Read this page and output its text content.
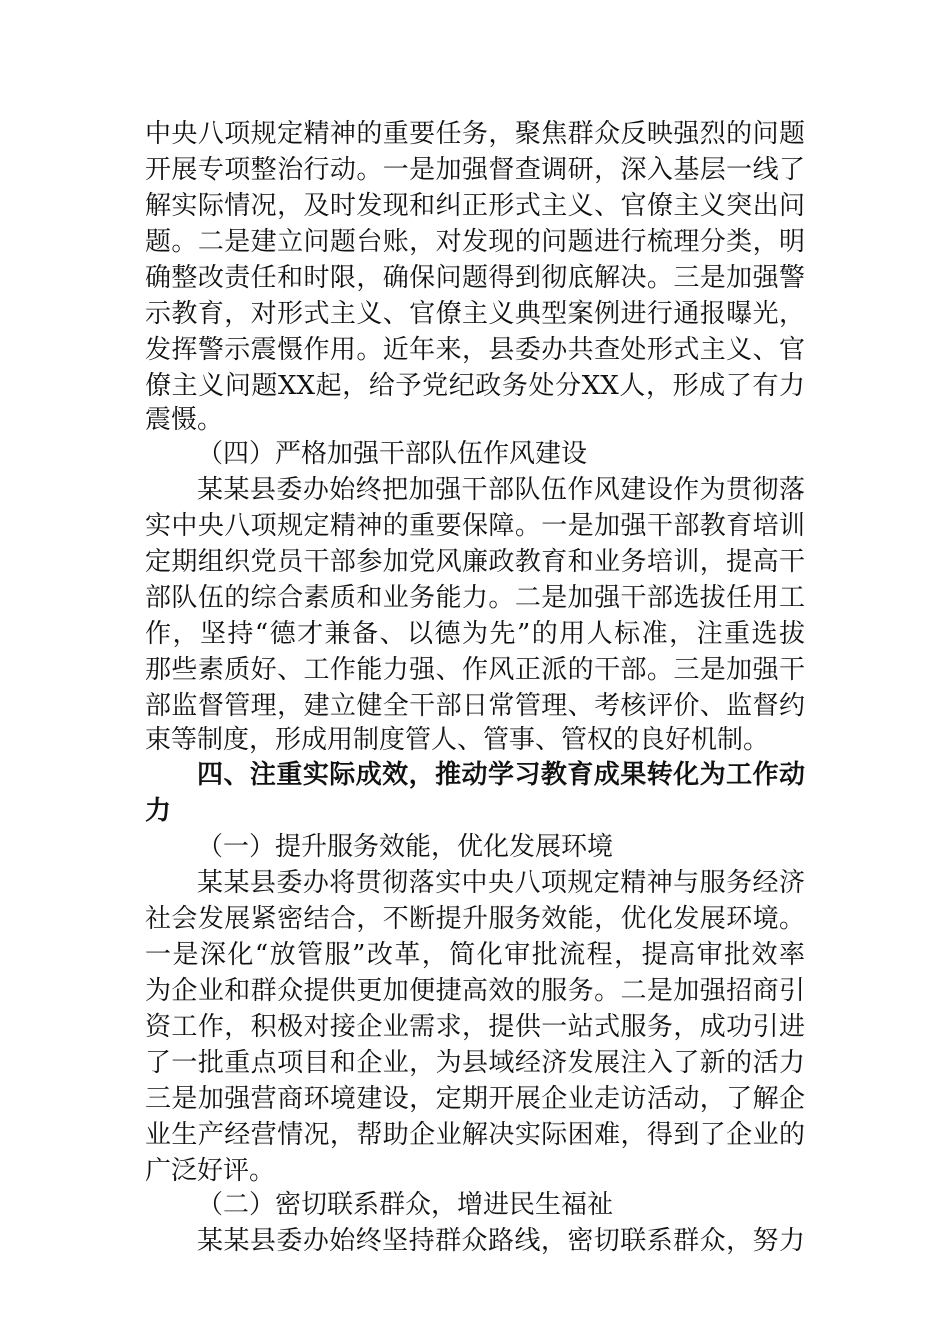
中央八项规定精神的重要任务，聚焦群众反映强烈的问题

开展专项整治行动。一是加强督查调研，深入基层一线了

解实际情况，及时发现和纠正形式主义、官僚主义突出问

题。二是建立问题台账，对发现的问题进行梳理分类，明

确整改责任和时限，确保问题得到彻底解决。三是加强警

示教育，对形式主义、官僚主义典型案例进行通报曝光，

发挥警示震慑作用。近年来，县委办共查处形式主义、官

僚主义问题XX起，给予党纪政务处分XX人，形成了有力

震慑。

（四）严格加强干部队伍作风建设

某某县委办始终把加强干部队伍作风建设作为贯彻落

实中央八项规定精神的重要保障。一是加强干部教育培训

定期组织党员干部参加党风廉政教育和业务培训，提高干

部队伍的综合素质和业务能力。二是加强干部选拔任用工

作，坚持“德才兼备、以德为先”的用人标准，注重选拔

那些素质好、工作能力强、作风正派的干部。三是加强干

部监督管理，建立健全干部日常管理、考核评价、监督约

束等制度，形成用制度管人、管事、管权的良好机制。

四、注重实际成效，推动学习教育成果转化为工作动

力

（一）提升服务效能，优化发展环境

某某县委办将贯彻落实中央八项规定精神与服务经济

社会发展紧密结合，不断提升服务效能，优化发展环境。

一是深化“放管服”改革，简化审批流程，提高审批效率

为企业和群众提供更加便捷高效的服务。二是加强招商引

资工作，积极对接企业需求，提供一站式服务，成功引进

了一批重点项目和企业，为县域经济发展注入了新的活力

三是加强营商环境建设，定期开展企业走访活动，了解企

业生产经营情况，帮助企业解决实际困难，得到了企业的

广泛好评。

（二）密切联系群众，增进民生福祉

某某县委办始终坚持群众路线，密切联系群众，努力
